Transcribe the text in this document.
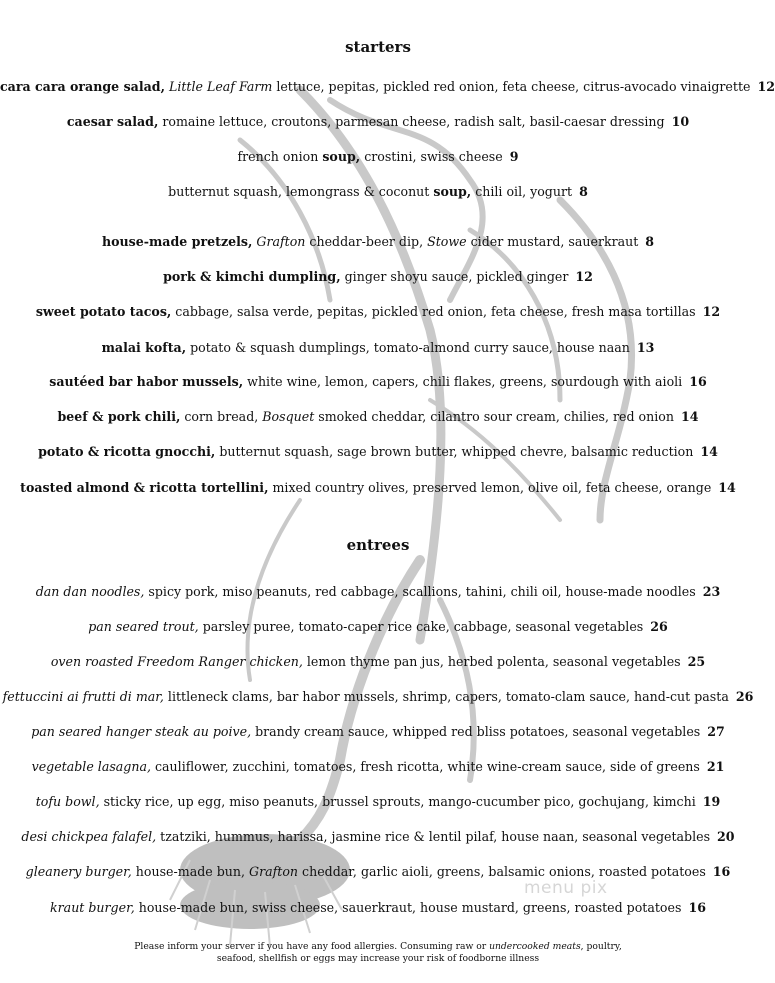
starters
cara cara orange salad, Little Leaf Farm lettuce, pepitas, pickled red onion, feta cheese, citrus-avocado vinaigrette 12
caesar salad, romaine lettuce, croutons, parmesan cheese, radish salt, basil-caesar dressing 10
french onion soup, crostini, swiss cheese 9
butternut squash, lemongrass & coconut soup, chili oil, yogurt 8
house-made pretzels, Grafton cheddar-beer dip, Stowe cider mustard, sauerkraut 8
pork & kimchi dumpling, ginger shoyu sauce, pickled ginger 12
sweet potato tacos, cabbage, salsa verde, pepitas, pickled red onion, feta cheese, fresh masa tortillas 12
malai kofta, potato & squash dumplings, tomato-almond curry sauce, house naan 13
sautéed bar habor mussels, white wine, lemon, capers, chili flakes, greens, sourdough with aioli 16
beef & pork chili, corn bread, Bosquet smoked cheddar, cilantro sour cream, chilies, red onion 14
potato & ricotta gnocchi, butternut squash, sage brown butter, whipped chevre, balsamic reduction 14
toasted almond & ricotta tortellini, mixed country olives, preserved lemon, olive oil, feta cheese, orange 14
entrees
dan dan noodles, spicy pork, miso peanuts, red cabbage, scallions, tahini, chili oil, house-made noodles 23
pan seared trout, parsley puree, tomato-caper rice cake, cabbage, seasonal vegetables 26
oven roasted Freedom Ranger chicken, lemon thyme pan jus, herbed polenta, seasonal vegetables 25
fettuccini ai frutti di mar, littleneck clams, bar habor mussels, shrimp, capers, tomato-clam sauce, hand-cut pasta 26
pan seared hanger steak au poive, brandy cream sauce, whipped red bliss potatoes, seasonal vegetables 27
vegetable lasagna, cauliflower, zucchini, tomatoes, fresh ricotta, white wine-cream sauce, side of greens 21
tofu bowl, sticky rice, up egg, miso peanuts, brussel sprouts, mango-cucumber pico, gochujang, kimchi 19
desi chickpea falafel, tzatziki, hummus, harissa, jasmine rice & lentil pilaf, house naan, seasonal vegetables 20
gleanery burger, house-made bun, Grafton cheddar, garlic aioli, greens, balsamic onions, roasted potatoes 16
kraut burger, house-made bun, swiss cheese, sauerkraut, house mustard, greens, roasted potatoes 16
Please inform your server if you have any food allergies. Consuming raw or undercooked meats, poultry,
seafood, shellfish or eggs may increase your risk of foodborne illness
menu pix
